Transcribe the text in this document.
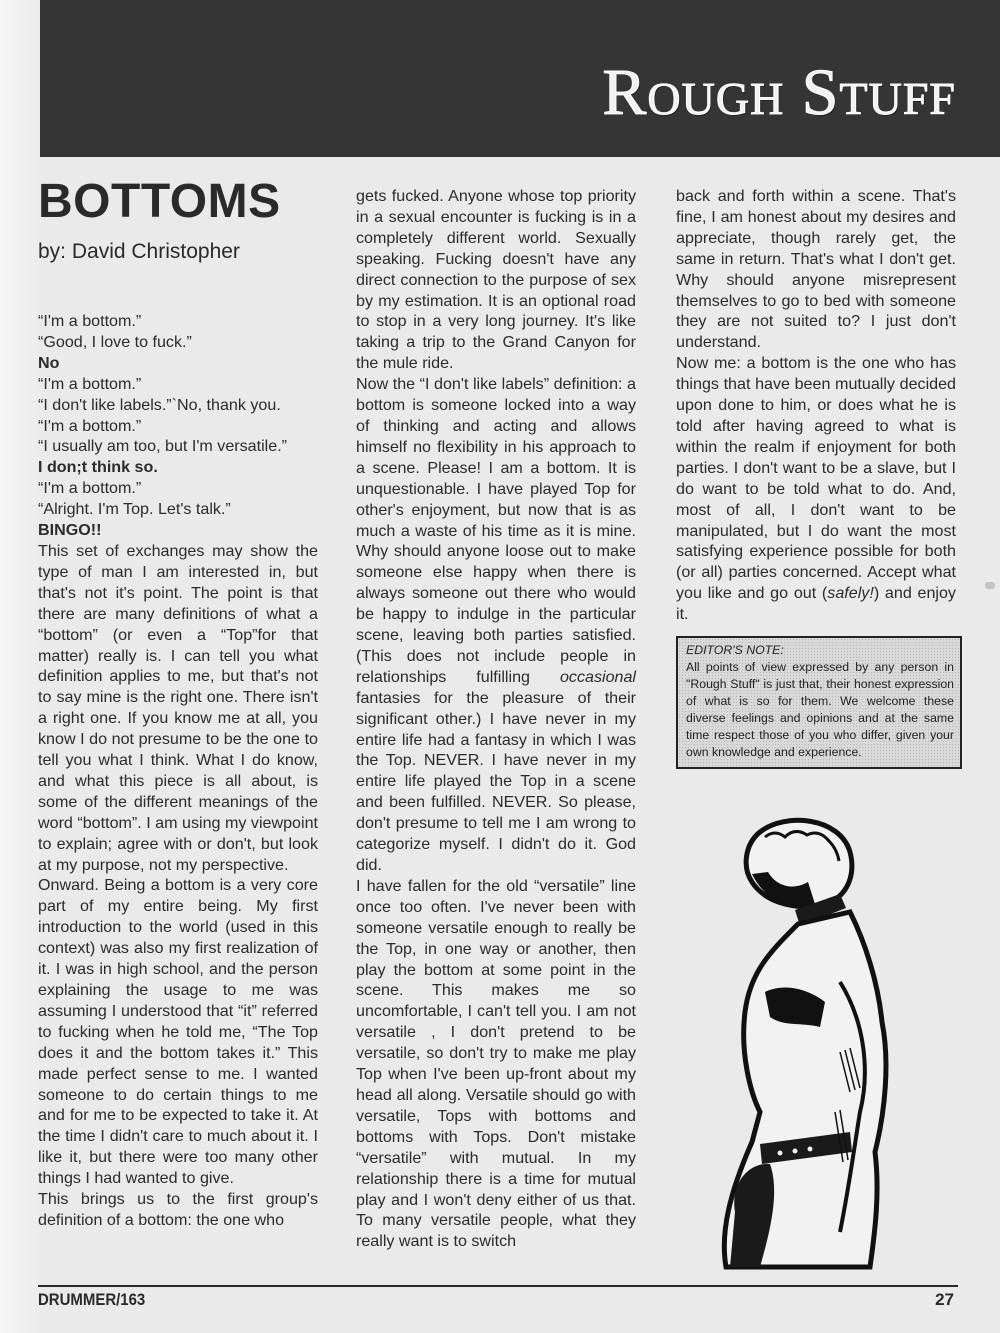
Rough Stuff
BOTTOMS
by: David Christopher
“I'm a bottom.”
“Good, I love to fuck.”
No
“I'm a bottom.”
“I don't like labels.”`No, thank you.
“I'm a bottom.”
“I usually am too, but I'm versatile.”
I don;t think so.
“I'm a bottom.”
“Alright. I'm Top. Let's talk.”
BINGO!!

This set of exchanges may show the type of man I am interested in, but that's not it's point. The point is that there are many definitions of what a “bottom” (or even a “Top”for that matter) really is. I can tell you what definition applies to me, but that's not to say mine is the right one. There isn't a right one. If you know me at all, you know I do not presume to be the one to tell you what I think. What I do know, and what this piece is all about, is some of the different meanings of the word “bottom”. I am using my viewpoint to explain; agree with or don't, but look at my purpose, not my perspective.

Onward. Being a bottom is a very core part of my entire being. My first introduction to the world (used in this context) was also my first realization of it. I was in high school, and the person explaining the usage to me was assuming I understood that “it” referred to fucking when he told me, “The Top does it and the bottom takes it.” This made perfect sense to me. I wanted someone to do certain things to me and for me to be expected to take it. At the time I didn't care to much about it. I like it, but there were too many other things I had wanted to give.

This brings us to the first group's definition of a bottom: the one who

gets fucked. Anyone whose top priority in a sexual encounter is fucking is in a completely different world. Sexually speaking. Fucking doesn't have any direct connection to the purpose of sex by my estimation. It is an optional road to stop in a very long journey. It's like taking a trip to the Grand Canyon for the mule ride.

Now the “I don't like labels” definition: a bottom is someone locked into a way of thinking and acting and allows himself no flexibility in his approach to a scene. Please! I am a bottom. It is unquestionable. I have played Top for other's enjoyment, but now that is as much a waste of his time as it is mine. Why should anyone loose out to make someone else happy when there is always someone out there who would be happy to indulge in the particular scene, leaving both parties satisfied. (This does not include people in relationships fulfilling occasional fantasies for the pleasure of their significant other.) I have never in my entire life had a fantasy in which I was the Top. NEVER. I have never in my entire life played the Top in a scene and been fulfilled. NEVER. So please, don't presume to tell me I am wrong to categorize myself. I didn't do it. God did.

I have fallen for the old “versatile” line once too often. I've never been with someone versatile enough to really be the Top, in one way or another, then play the bottom at some point in the scene. This makes me so uncomfortable, I can't tell you. I am not versatile , I don't pretend to be versatile, so don't try to make me play Top when I've been up-front about my head all along. Versatile should go with versatile, Tops with bottoms and bottoms with Tops. Don't mistake “versatile” with mutual. In my relationship there is a time for mutual play and I won't deny either of us that. To many versatile people, what they really want is to switch

back and forth within a scene. That's fine, I am honest about my desires and appreciate, though rarely get, the same in return. That's what I don't get. Why should anyone misrepresent themselves to go to bed with someone they are not suited to? I just don't understand.

Now me: a bottom is the one who has things that have been mutually decided upon done to him, or does what he is told after having agreed to what is within the realm if enjoyment for both parties. I don't want to be a slave, but I do want to be told what to do. And, most of all, I don't want to be manipulated, but I do want the most satisfying experience possible for both (or all) parties concerned. Accept what you like and go out (safely!) and enjoy it.

EDITOR'S NOTE:
All points of view expressed by any person in "Rough Stuff" is just that, their honest expression of what is so for them. We welcome these diverse feelings and opinions and at the same time respect those of you who differ, given your own knowledge and experience.
DRUMMER/163	27
